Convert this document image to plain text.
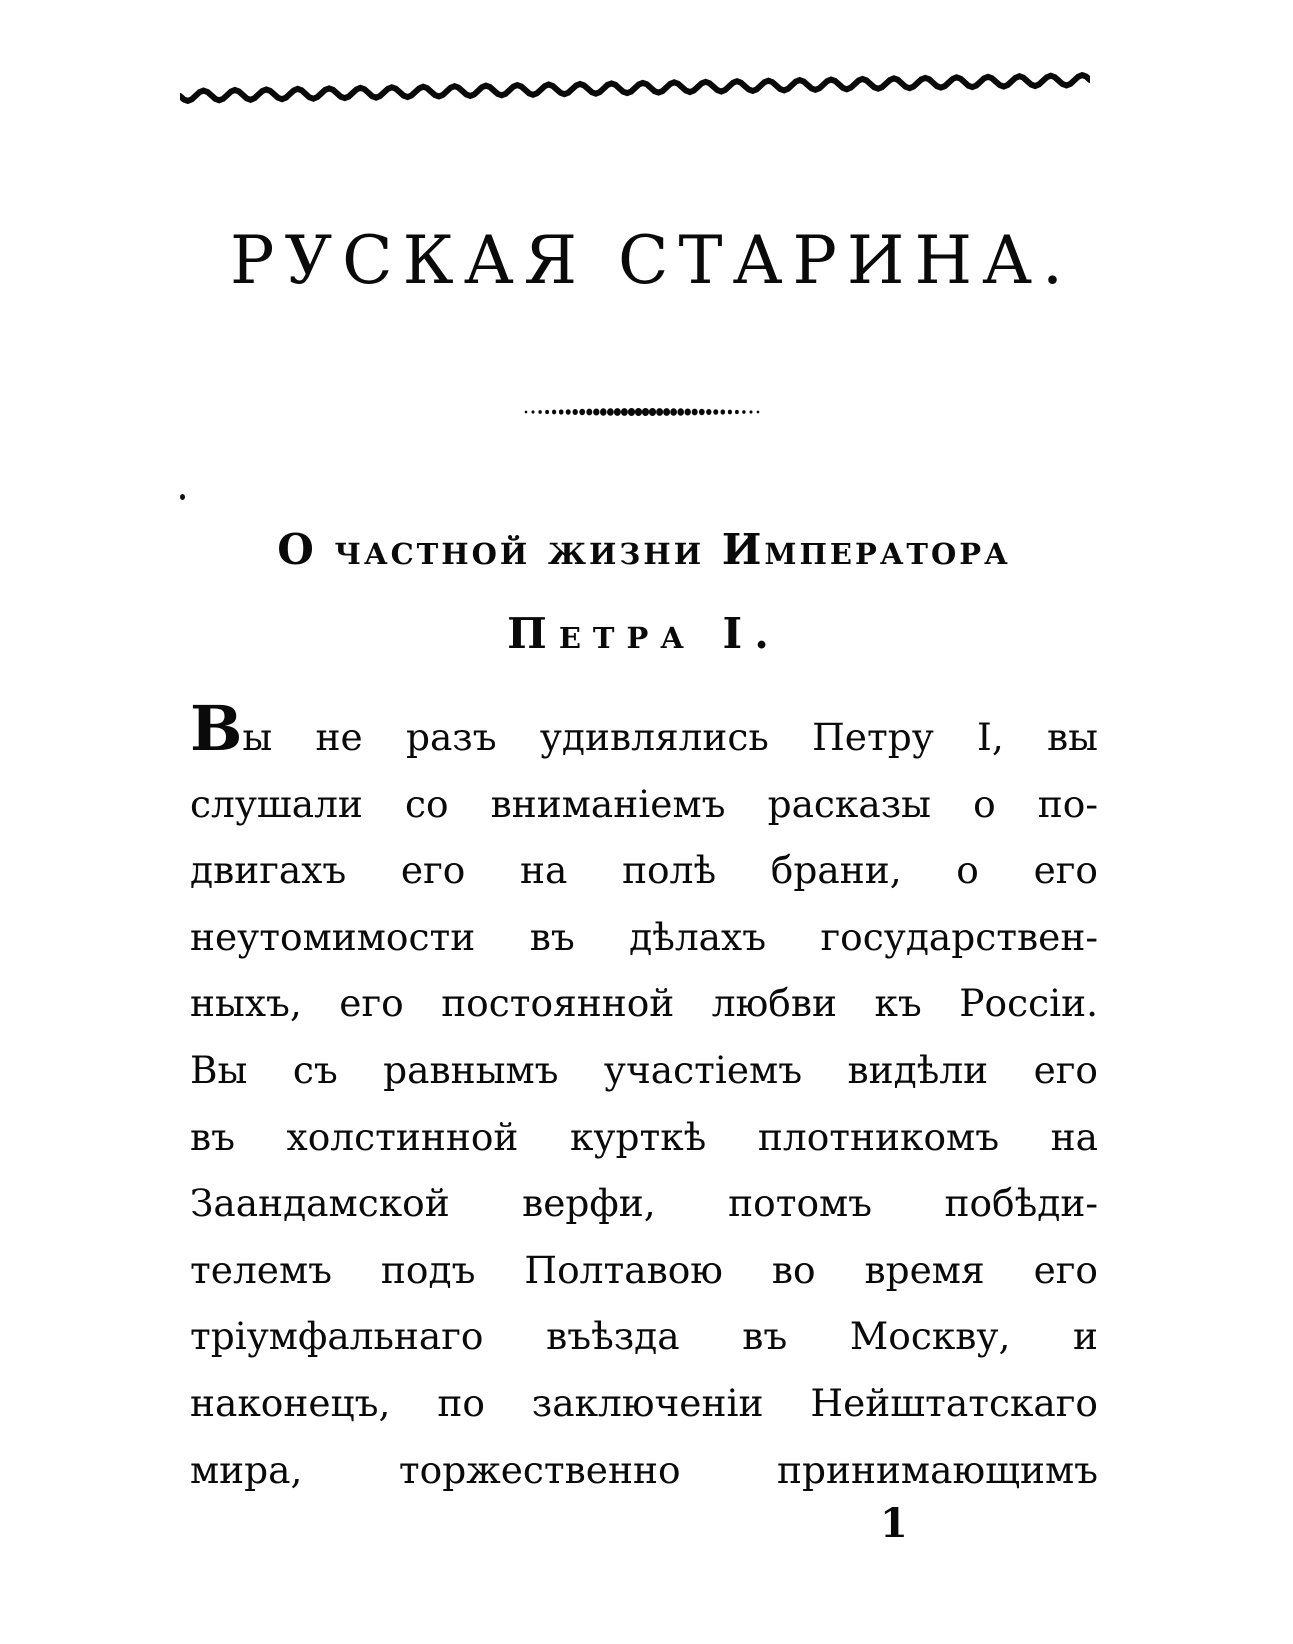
РУСКАЯ СТАРИНА.
О частной жизни Императора
Петра I.
Вы не разъ удивлялись Петру I, вы
слушали со вниманіемъ расказы о по-
двигахъ его на полѣ брани, о его
неутомимости въ дѣлахъ государствен-
ныхъ, его постоянной любви къ Россіи.
Вы съ равнымъ участіемъ видѣли его
въ холстинной курткѣ плотникомъ на
Заандамской верфи, потомъ побѣди-
телемъ подъ Полтавою во время его
тріумфальнаго въѣзда въ Москву, и
наконецъ, по заключеніи Нейштатскаго
мира, торжественно принимающимъ
1
